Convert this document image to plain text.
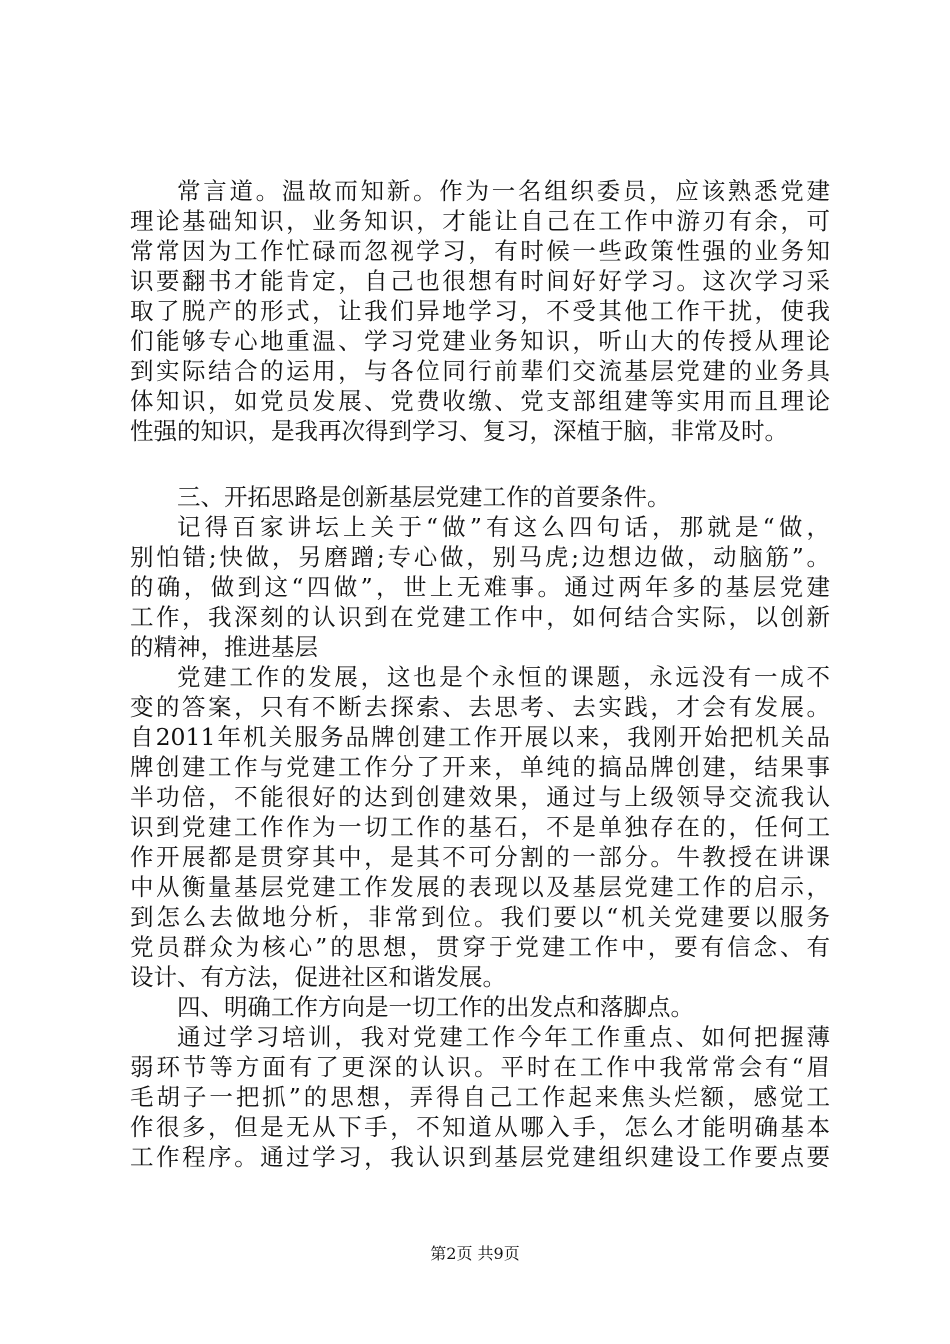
常言道。温故而知新。作为一名组织委员，应该熟悉党建
理论基础知识，业务知识，才能让自己在工作中游刃有余，可
常常因为工作忙碌而忽视学习，有时候一些政策性强的业务知
识要翻书才能肯定，自己也很想有时间好好学习。这次学习采
取了脱产的形式，让我们异地学习，不受其他工作干扰，使我
们能够专心地重温、学习党建业务知识，听山大的传授从理论
到实际结合的运用，与各位同行前辈们交流基层党建的业务具
体知识，如党员发展、党费收缴、党支部组建等实用而且理论
性强的知识，是我再次得到学习、复习，深植于脑，非常及时。
三、开拓思路是创新基层党建工作的首要条件。
记得百家讲坛上关于“做”有这么四句话，那就是“做，
别怕错;快做，另磨蹭;专心做，别马虎;边想边做，动脑筋”。
的确，做到这“四做”，世上无难事。通过两年多的基层党建
工作，我深刻的认识到在党建工作中，如何结合实际，以创新
的精神，推进基层
党建工作的发展，这也是个永恒的课题，永远没有一成不
变的答案，只有不断去探索、去思考、去实践，才会有发展。
自2011年机关服务品牌创建工作开展以来，我刚开始把机关品
牌创建工作与党建工作分了开来，单纯的搞品牌创建，结果事
半功倍，不能很好的达到创建效果，通过与上级领导交流我认
识到党建工作作为一切工作的基石，不是单独存在的，任何工
作开展都是贯穿其中，是其不可分割的一部分。牛教授在讲课
中从衡量基层党建工作发展的表现以及基层党建工作的启示，
到怎么去做地分析，非常到位。我们要以“机关党建要以服务
党员群众为核心”的思想，贯穿于党建工作中，要有信念、有
设计、有方法，促进社区和谐发展。
四、明确工作方向是一切工作的出发点和落脚点。
通过学习培训，我对党建工作今年工作重点、如何把握薄
弱环节等方面有了更深的认识。平时在工作中我常常会有“眉
毛胡子一把抓”的思想，弄得自己工作起来焦头烂额，感觉工
作很多，但是无从下手，不知道从哪入手，怎么才能明确基本
工作程序。通过学习，我认识到基层党建组织建设工作要点要
第2页 共9页
